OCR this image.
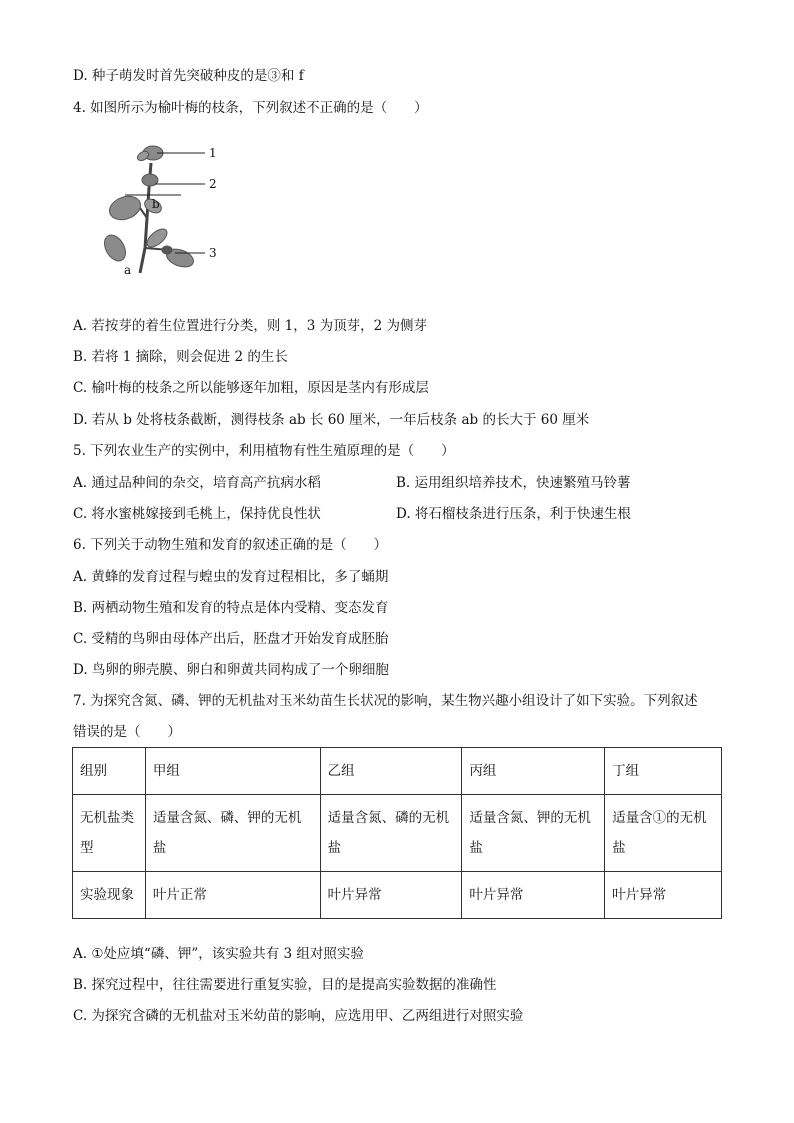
D. 种子萌发时首先突破种皮的是③和 f
4. 如图所示为榆叶梅的枝条，下列叙述不正确的是（　　）
1
2
3
b
a
A. 若按芽的着生位置进行分类，则 1，3 为顶芽，2 为侧芽
B. 若将 1 摘除，则会促进 2 的生长
C. 榆叶梅的枝条之所以能够逐年加粗，原因是茎内有形成层
D. 若从 b 处将枝条截断，测得枝条 ab 长 60 厘米，一年后枝条 ab 的长大于 60 厘米
5. 下列农业生产的实例中，利用植物有性生殖原理的是（　　）
A. 通过品种间的杂交，培育高产抗病水稻	B. 运用组织培养技术，快速繁殖马铃薯
C. 将水蜜桃嫁接到毛桃上，保持优良性状	D. 将石榴枝条进行压条，利于快速生根
6. 下列关于动物生殖和发育的叙述正确的是（　　）
A. 黄蜂的发育过程与蝗虫的发育过程相比，多了蛹期
B. 两栖动物生殖和发育的特点是体内受精、变态发育
C. 受精的鸟卵由母体产出后，胚盘才开始发育成胚胎
D. 鸟卵的卵壳膜、卵白和卵黄共同构成了一个卵细胞
7. 为探究含氮、磷、钾的无机盐对玉米幼苗生长状况的影响，某生物兴趣小组设计了如下实验。下列叙述
错误的是（　　）
组别	甲组	乙组	丙组	丁组
无机盐类型	适量含氮、磷、钾的无机盐	适量含氮、磷的无机盐	适量含氮、钾的无机盐	适量含①的无机盐
实验现象	叶片正常	叶片异常	叶片异常	叶片异常
A. ①处应填“磷、钾”，该实验共有 3 组对照实验
B. 探究过程中，往往需要进行重复实验，目的是提高实验数据的准确性
C. 为探究含磷的无机盐对玉米幼苗的影响，应选用甲、乙两组进行对照实验
